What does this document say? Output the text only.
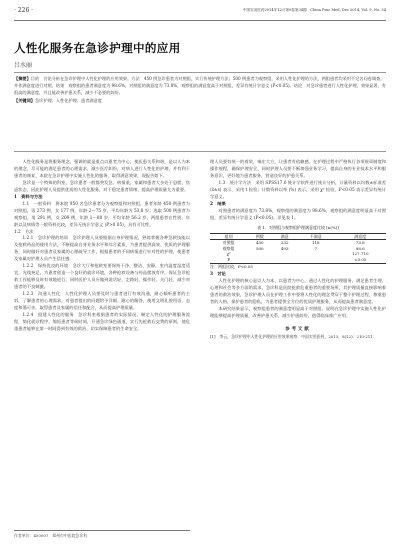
· 226 ·	中国实用医药2014年12月第9卷第34期　China Prac Med, Dec 2014, Vol. 9, No. 34
人性化服务在急诊护理中的应用
吕水丽

【摘要】目的　讨论分析在急诊护理中人性化护理的应用效果。方法　450 例急诊患者为对照组，实行传统护理方法；500 例患者为观察组，采用人性化护理的方法，两组患者均采用不记名问卷调查，并作满意度进行对照。结果　观察组的患者满意度为 98.6%，对照组的满意度为 73.8%，观察组的满意度高于对照组，差异有统计学意义 (P<0.05)。结论　对急诊患者进行人性化护理，效果显著，有很高的满意度，并且能改善护患关系，减少不必要的纠纷。

【关键词】急诊护理；人性化护理；患者满意度

人性化服务是将服务理念，强调的就是重点以患者为中心，使医患关系和谐，是以人为本的理念，尽可能的满足患者的心理需求，减少医疗纠纷，对病人进行人性化的护理，并有利于患者的康复、本院在急诊护理中实施人性化的服务，取得满意效果，现报告如下。

急诊是一个特殊的科室，急诊患者一般都突发急、病情重，家属和患者大多处于恐慌、焦虑状态，因此护理人员提供优质的人性化服务，对于稳定患者情绪、提高护理质量尤为重要。

1　资料与方法

1.1　一般资料　将本院 950 名急诊患者分为观察组和对照组，患者年龄 450 例患者为对照组，男 273 例，女 177 例，年龄 2～75 岁，平均年龄为 53.8 岁；选取 500 例患者为观察组，男 291 例，女 209 例，年龄 1～80 岁，平均年龄 56.2 岁，两组患者在性别、年龄以及病情等一般资料比较，差异无统计学意义 (P>0.05)，具有可比性。

1.2　方法

1.2.1　急诊护理的培训　急诊护理人员要根据自身护理情况，熟练掌握各种急救技能以及抢救药品的使用方法，不断提高自身业务水平和综合素质，为患者提供高效、优质的护理服务，同时做好对患者及家属的心理疏导工作，根据患者的不同病情进行针对性的护理，使患者及家属对护理人员产生信任感。

1.2.2　保持优良的环境　急诊大厅和抢救室要保持干净、整洁、安静，室内温度湿度适宜，光线充足，为患者创造一个良好的就诊环境，各种抢救设备与药品摆放有序，保证急诊抢救工作能够及时有效地进行，同时医护人员应做到说话轻、走路轻、操作轻、关门轻，减少对患者的不良刺激。

1.2.3　沟通人性化　人性化护理人员要及时与患者进行有效沟通，耐心倾听患者的主诉，了解患者的心理需求，对患者提出的问题给予详细、耐心的解答，使用文明礼貌用语，态度和蔼可亲，取得患者及家属的信任和配合，从而提高护理质量。

1.2.4　组建人性化的服务　急诊科室根据患者的实际情况，制定人性化的护理服务流程，简化就诊程序，缩短患者等候时间，开通急诊绿色通道，实行先抢救后交费的原则，使危重患者能够在第一时间得到有效的救治，切实保障患者的生命安全。

理人员要有统一的着装，端庄大方，让患者有依赖感，在护理过程中严格执行各项规章制度和操作规程，确保护理安全，同时护理人员要不断加强业务学习，提高自身的专业技术水平和服务意识，更好地为患者服务，营造良好的护患关系。

1.3　统计学方法　采用 SPSS17.0 统计学软件进行统计分析，计量资料以均数±标准差 (x̄±s) 表示，采用 t 检验；计数资料以率 (%) 表示，采用 χ² 检验，P<0.05 表示差异有统计学意义。

2　结果

对照患者的满意度为 73.8%，观察组的满意度为 98.6%，观察组的满意度明显高于对照组，差异有统计学意义 (P<0.05)。详见表 1。

表 1　对照组与观察组护理满意度比较 [n(%)]
组别	例数	满意	不满意	满意度
对照组	450	332	118	73.8
观察组	500	493	7	98.6
χ²				127.710
P				<0.05
注：两组比较，P<0.05

3　讨论

人性化护理的核心是以人为本，以患者为中心，通过人性化的护理服务，满足患者生理、心理和社会等多方面的需求，急诊科是医院抢救危重患者的重要场所，其护理质量直接影响着患者的救治效果，急诊护理人员在护理工作中要将人性化的理念贯穿于整个护理过程，尊重患者的人格，保护患者的隐私，为患者提供全方位的优质护理服务，从而提高患者满意度。

本研究结果显示，观察组患者的满意度明显高于对照组，说明在急诊护理中实施人性化护理能够提高护理质量，改善护患关系，减少护患纠纷，值得临床推广应用。

参考文献

[1]　李云，急诊护理中人性化护理的应用效果观察．中国实用医药，2013，8(12)：210-211.

作者单位：450007　郑州市中医院急诊科
